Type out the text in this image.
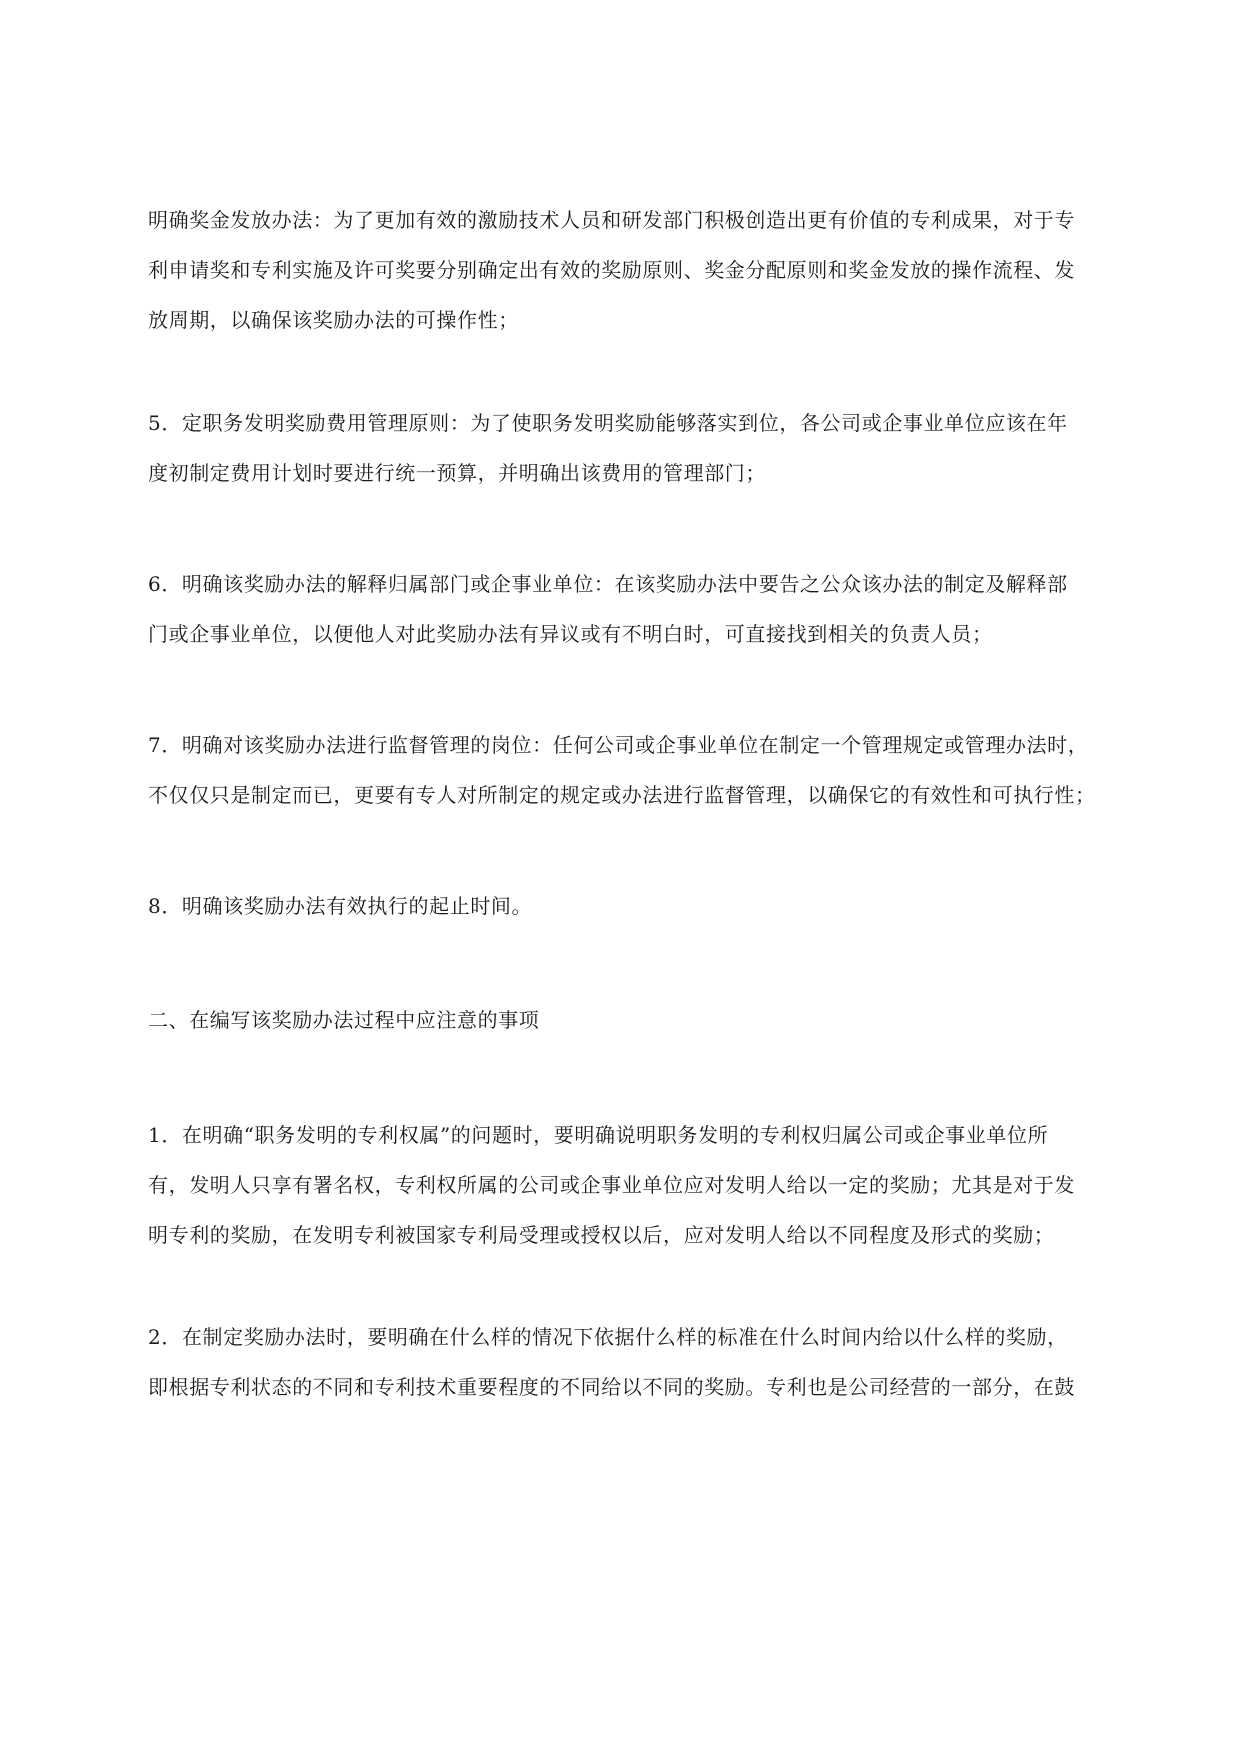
明确奖金发放办法：为了更加有效的激励技术人员和研发部门积极创造出更有价值的专利成果，对于专
利申请奖和专利实施及许可奖要分别确定出有效的奖励原则、奖金分配原则和奖金发放的操作流程、发
放周期，以确保该奖励办法的可操作性；
5．定职务发明奖励费用管理原则：为了使职务发明奖励能够落实到位，各公司或企事业单位应该在年
度初制定费用计划时要进行统一预算，并明确出该费用的管理部门；
6．明确该奖励办法的解释归属部门或企事业单位：在该奖励办法中要告之公众该办法的制定及解释部
门或企事业单位，以便他人对此奖励办法有异议或有不明白时，可直接找到相关的负责人员；
7．明确对该奖励办法进行监督管理的岗位：任何公司或企事业单位在制定一个管理规定或管理办法时，
不仅仅只是制定而已，更要有专人对所制定的规定或办法进行监督管理，以确保它的有效性和可执行性；
8．明确该奖励办法有效执行的起止时间。
二、在编写该奖励办法过程中应注意的事项
1．在明确“职务发明的专利权属”的问题时，要明确说明职务发明的专利权归属公司或企事业单位所
有，发明人只享有署名权，专利权所属的公司或企事业单位应对发明人给以一定的奖励；尤其是对于发
明专利的奖励，在发明专利被国家专利局受理或授权以后，应对发明人给以不同程度及形式的奖励；
2．在制定奖励办法时，要明确在什么样的情况下依据什么样的标准在什么时间内给以什么样的奖励，
即根据专利状态的不同和专利技术重要程度的不同给以不同的奖励。专利也是公司经营的一部分，在鼓
